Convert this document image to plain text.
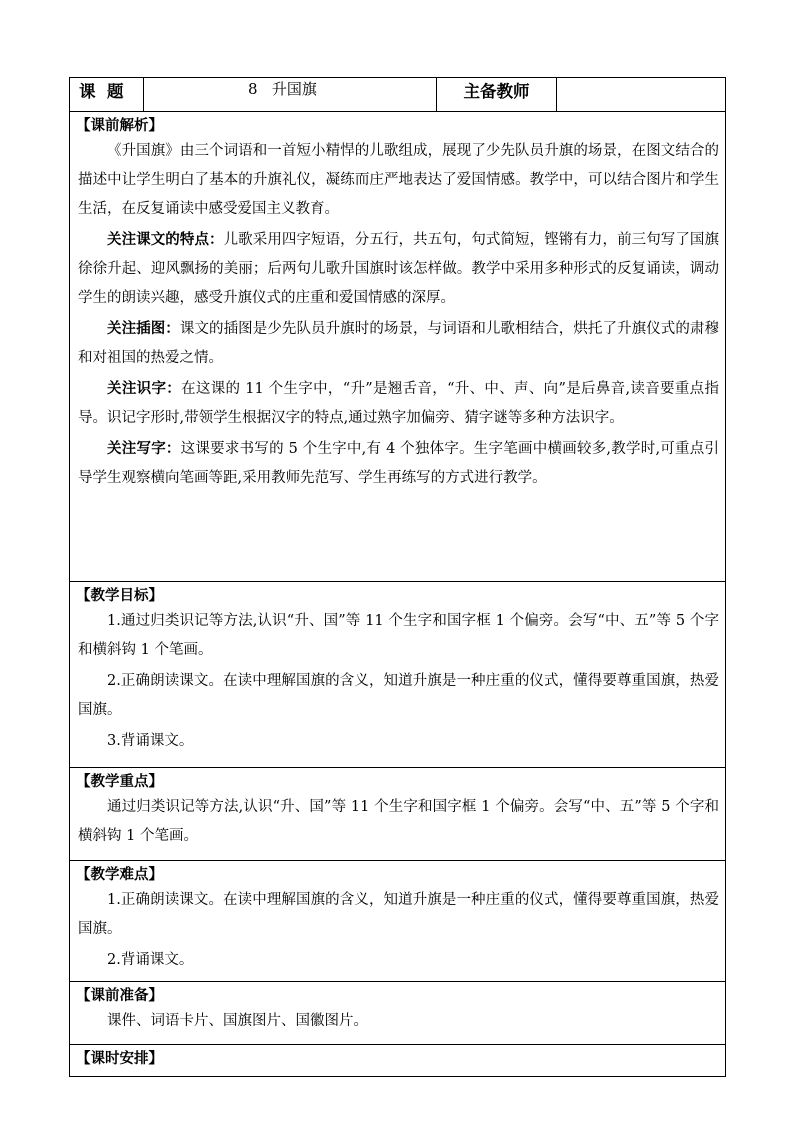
课  题	8   升国旗	主备教师	

【课前解析】

《升国旗》由三个词语和一首短小精悍的儿歌组成，展现了少先队员升旗的场景，在图文结合的描述中让学生明白了基本的升旗礼仪，凝练而庄严地表达了爱国情感。教学中，可以结合图片和学生生活，在反复诵读中感受爱国主义教育。

关注课文的特点：儿歌采用四字短语，分五行，共五句，句式简短，铿锵有力，前三句写了国旗徐徐升起、迎风飘扬的美丽；后两句儿歌升国旗时该怎样做。教学中采用多种形式的反复诵读，调动学生的朗读兴趣，感受升旗仪式的庄重和爱国情感的深厚。

关注插图：课文的插图是少先队员升旗时的场景，与词语和儿歌相结合，烘托了升旗仪式的肃穆和对祖国的热爱之情。

关注识字：在这课的 11 个生字中，“升”是翘舌音，“升、中、声、向”是后鼻音,读音要重点指导。识记字形时,带领学生根据汉字的特点,通过熟字加偏旁、猜字谜等多种方法识字。

关注写字：这课要求书写的 5 个生字中,有 4 个独体字。生字笔画中横画较多,教学时,可重点引导学生观察横向笔画等距,采用教师先范写、学生再练写的方式进行教学。

【教学目标】

1.通过归类识记等方法,认识“升、国”等 11 个生字和国字框 1 个偏旁。会写“中、五”等 5 个字和横斜钩 1 个笔画。

2.正确朗读课文。在读中理解国旗的含义，知道升旗是一种庄重的仪式，懂得要尊重国旗，热爱国旗。

3.背诵课文。

【教学重点】

通过归类识记等方法,认识“升、国”等 11 个生字和国字框 1 个偏旁。会写“中、五”等 5 个字和横斜钩 1 个笔画。

【教学难点】

1.正确朗读课文。在读中理解国旗的含义，知道升旗是一种庄重的仪式，懂得要尊重国旗，热爱国旗。

2.背诵课文。

【课前准备】

课件、词语卡片、国旗图片、国徽图片。

【课时安排】
